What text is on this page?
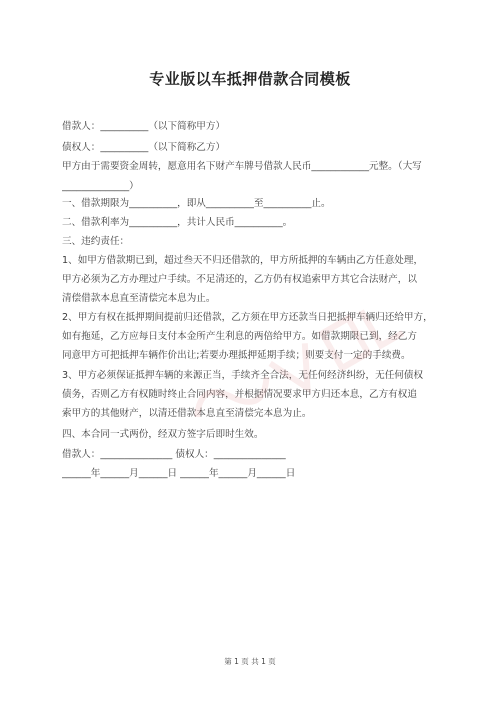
专业版以车抵押借款合同模板
借款人：__________（以下简称甲方）
债权人：__________（以下简称乙方）
甲方由于需要资金周转，愿意用名下财产车牌号借款人民币____________元整。（大写
______________）
一、借款期限为__________，即从__________至__________止。
二、借款利率为__________，共计人民币__________。
三、违约责任：
1、如甲方借款期已到，超过叁天不归还借款的，甲方所抵押的车辆由乙方任意处理，
甲方必须为乙方办理过户手续。不足清还的，乙方仍有权追索甲方其它合法财产，以
清偿借款本息直至清偿完本息为止。
2、甲方有权在抵押期间提前归还借款，乙方须在甲方还款当日把抵押车辆归还给甲方，
如有拖延，乙方应每日支付本金所产生利息的两倍给甲方。如借款期限已到，经乙方
同意甲方可把抵押车辆作价出让;若要办理抵押延期手续；则要支付一定的手续费。
3、甲方必须保证抵押车辆的来源正当，手续齐全合法，无任何经济纠纷，无任何债权
债务，否则乙方有权随时终止合同内容，并根据情况要求甲方归还本息，乙方有权追
索甲方的其他财产，以清还借款本息直至清偿完本息为止。
四、本合同一式两份，经双方签字后即时生效。
借款人：_______________ 债权人：_______________
______年______月______日 ______年______月______日
第 1 页 共 1 页
